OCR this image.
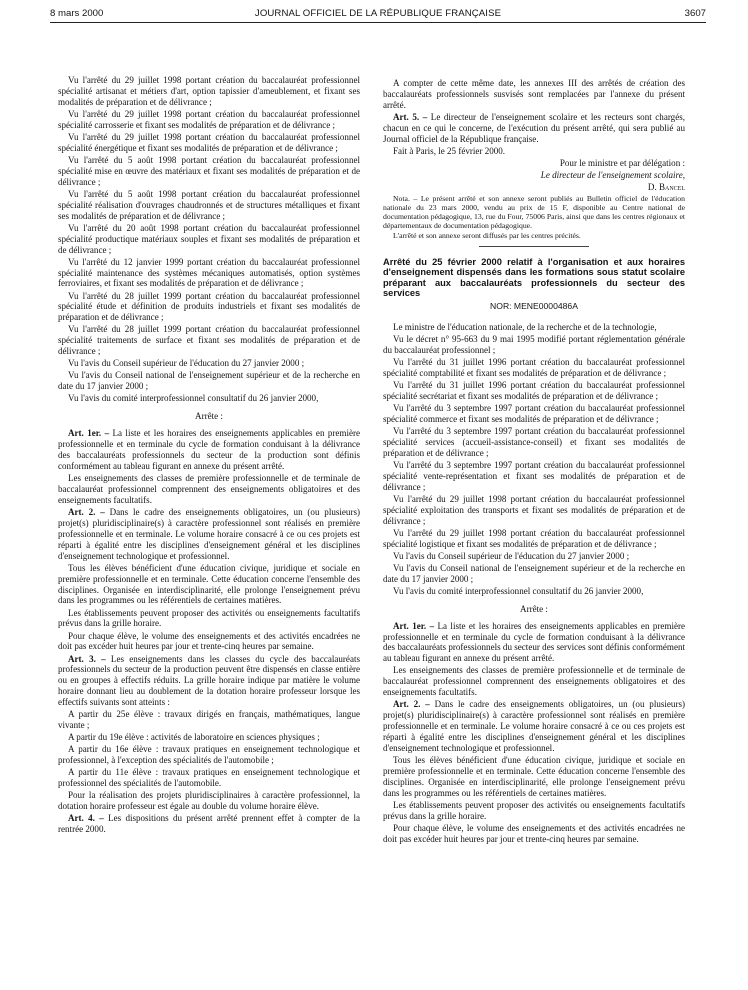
8 mars 2000	JOURNAL OFFICIEL DE LA RÉPUBLIQUE FRANÇAISE	3607

Vu l'arrêté du 29 juillet 1998 portant création du baccalauréat professionnel spécialité artisanat et métiers d'art, option tapissier d'ameublement, et fixant ses modalités de préparation et de délivrance ;

Vu l'arrêté du 29 juillet 1998 portant création du baccalauréat professionnel spécialité carrosserie et fixant ses modalités de préparation et de délivrance ;

Vu l'arrêté du 29 juillet 1998 portant création du baccalauréat professionnel spécialité énergétique et fixant ses modalités de préparation et de délivrance ;

Vu l'arrêté du 5 août 1998 portant création du baccalauréat professionnel spécialité mise en œuvre des matériaux et fixant ses modalités de préparation et de délivrance ;

Vu l'arrêté du 5 août 1998 portant création du baccalauréat professionnel spécialité réalisation d'ouvrages chaudronnés et de structures métalliques et fixant ses modalités de préparation et de délivrance ;

Vu l'arrêté du 20 août 1998 portant création du baccalauréat professionnel spécialité productique matériaux souples et fixant ses modalités de préparation et de délivrance ;

Vu l'arrêté du 12 janvier 1999 portant création du baccalauréat professionnel spécialité maintenance des systèmes mécaniques automatisés, option systèmes ferroviaires, et fixant ses modalités de préparation et de délivrance ;

Vu l'arrêté du 28 juillet 1999 portant création du baccalauréat professionnel spécialité étude et définition de produits industriels et fixant ses modalités de préparation et de délivrance ;

Vu l'arrêté du 28 juillet 1999 portant création du baccalauréat professionnel spécialité traitements de surface et fixant ses modalités de préparation et de délivrance ;

Vu l'avis du Conseil supérieur de l'éducation du 27 janvier 2000 ;

Vu l'avis du Conseil national de l'enseignement supérieur et de la recherche en date du 17 janvier 2000 ;

Vu l'avis du comité interprofessionnel consultatif du 26 janvier 2000,

Arrête :

Art. 1er. – La liste et les horaires des enseignements applicables en première professionnelle et en terminale du cycle de formation conduisant à la délivrance des baccalauréats professionnels du secteur de la production sont définis conformément au tableau figurant en annexe du présent arrêté.

Les enseignements des classes de première professionnelle et de terminale de baccalauréat professionnel comprennent des enseignements obligatoires et des enseignements facultatifs.

Art. 2. – Dans le cadre des enseignements obligatoires, un (ou plusieurs) projet(s) pluridisciplinaire(s) à caractère professionnel sont réalisés en première professionnelle et en terminale. Le volume horaire consacré à ce ou ces projets est réparti à égalité entre les disciplines d'enseignement général et les disciplines d'enseignement technologique et professionnel.

Tous les élèves bénéficient d'une éducation civique, juridique et sociale en première professionnelle et en terminale. Cette éducation concerne l'ensemble des disciplines. Organisée en interdisciplinarité, elle prolonge l'enseignement prévu dans les programmes ou les référentiels de certaines matières.

Les établissements peuvent proposer des activités ou enseignements facultatifs prévus dans la grille horaire.

Pour chaque élève, le volume des enseignements et des activités encadrées ne doit pas excéder huit heures par jour et trente-cinq heures par semaine.

Art. 3. – Les enseignements dans les classes du cycle des baccalauréats professionnels du secteur de la production peuvent être dispensés en classe entière ou en groupes à effectifs réduits. La grille horaire indique par matière le volume horaire donnant lieu au doublement de la dotation horaire professeur lorsque les effectifs suivants sont atteints :

A partir du 25e élève : travaux dirigés en français, mathématiques, langue vivante ;

A partir du 19e élève : activités de laboratoire en sciences physiques ;

A partir du 16e élève : travaux pratiques en enseignement technologique et professionnel, à l'exception des spécialités de l'automobile ;

A partir du 11e élève : travaux pratiques en enseignement technologique et professionnel des spécialités de l'automobile.

Pour la réalisation des projets pluridisciplinaires à caractère professionnel, la dotation horaire professeur est égale au double du volume horaire élève.

Art. 4. – Les dispositions du présent arrêté prennent effet à compter de la rentrée 2000.

A compter de cette même date, les annexes III des arrêtés de création des baccalauréats professionnels susvisés sont remplacées par l'annexe du présent arrêté.

Art. 5. – Le directeur de l'enseignement scolaire et les recteurs sont chargés, chacun en ce qui le concerne, de l'exécution du présent arrêté, qui sera publié au Journal officiel de la République française.

Fait à Paris, le 25 février 2000.

Pour le ministre et par délégation :

Le directeur de l'enseignement scolaire,

D. Bancel

Nota. – Le présent arrêté et son annexe seront publiés au Bulletin officiel de l'éducation nationale du 23 mars 2000, vendu au prix de 15 F, disponible au Centre national de documentation pédagogique, 13, rue du Four, 75006 Paris, ainsi que dans les centres régionaux et départementaux de documentation pédagogique.

L'arrêté et son annexe seront diffusés par les centres précités.

Arrêté du 25 février 2000 relatif à l'organisation et aux horaires d'enseignement dispensés dans les formations sous statut scolaire préparant aux baccalauréats professionnels du secteur des services
NOR: MENE0000486A

Le ministre de l'éducation nationale, de la recherche et de la technologie,

Vu le décret n° 95-663 du 9 mai 1995 modifié portant réglementation générale du baccalauréat professionnel ;

Vu l'arrêté du 31 juillet 1996 portant création du baccalauréat professionnel spécialité comptabilité et fixant ses modalités de préparation et de délivrance ;

Vu l'arrêté du 31 juillet 1996 portant création du baccalauréat professionnel spécialité secrétariat et fixant ses modalités de préparation et de délivrance ;

Vu l'arrêté du 3 septembre 1997 portant création du baccalauréat professionnel spécialité commerce et fixant ses modalités de préparation et de délivrance ;

Vu l'arrêté du 3 septembre 1997 portant création du baccalauréat professionnel spécialité services (accueil-assistance-conseil) et fixant ses modalités de préparation et de délivrance ;

Vu l'arrêté du 3 septembre 1997 portant création du baccalauréat professionnel spécialité vente-représentation et fixant ses modalités de préparation et de délivrance ;

Vu l'arrêté du 29 juillet 1998 portant création du baccalauréat professionnel spécialité exploitation des transports et fixant ses modalités de préparation et de délivrance ;

Vu l'arrêté du 29 juillet 1998 portant création du baccalauréat professionnel spécialité logistique et fixant ses modalités de préparation et de délivrance ;

Vu l'avis du Conseil supérieur de l'éducation du 27 janvier 2000 ;

Vu l'avis du Conseil national de l'enseignement supérieur et de la recherche en date du 17 janvier 2000 ;

Vu l'avis du comité interprofessionnel consultatif du 26 janvier 2000,

Arrête :

Art. 1er. – La liste et les horaires des enseignements applicables en première professionnelle et en terminale du cycle de formation conduisant à la délivrance des baccalauréats professionnels du secteur des services sont définis conformément au tableau figurant en annexe du présent arrêté.

Les enseignements des classes de première professionnelle et de terminale de baccalauréat professionnel comprennent des enseignements obligatoires et des enseignements facultatifs.

Art. 2. – Dans le cadre des enseignements obligatoires, un (ou plusieurs) projet(s) pluridisciplinaire(s) à caractère professionnel sont réalisés en première professionnelle et en terminale. Le volume horaire consacré à ce ou ces projets est réparti à égalité entre les disciplines d'enseignement général et les disciplines d'enseignement technologique et professionnel.

Tous les élèves bénéficient d'une éducation civique, juridique et sociale en première professionnelle et en terminale. Cette éducation concerne l'ensemble des disciplines. Organisée en interdisciplinarité, elle prolonge l'enseignement prévu dans les programmes ou les référentiels de certaines matières.

Les établissements peuvent proposer des activités ou enseignements facultatifs prévus dans la grille horaire.

Pour chaque élève, le volume des enseignements et des activités encadrées ne doit pas excéder huit heures par jour et trente-cinq heures par semaine.
